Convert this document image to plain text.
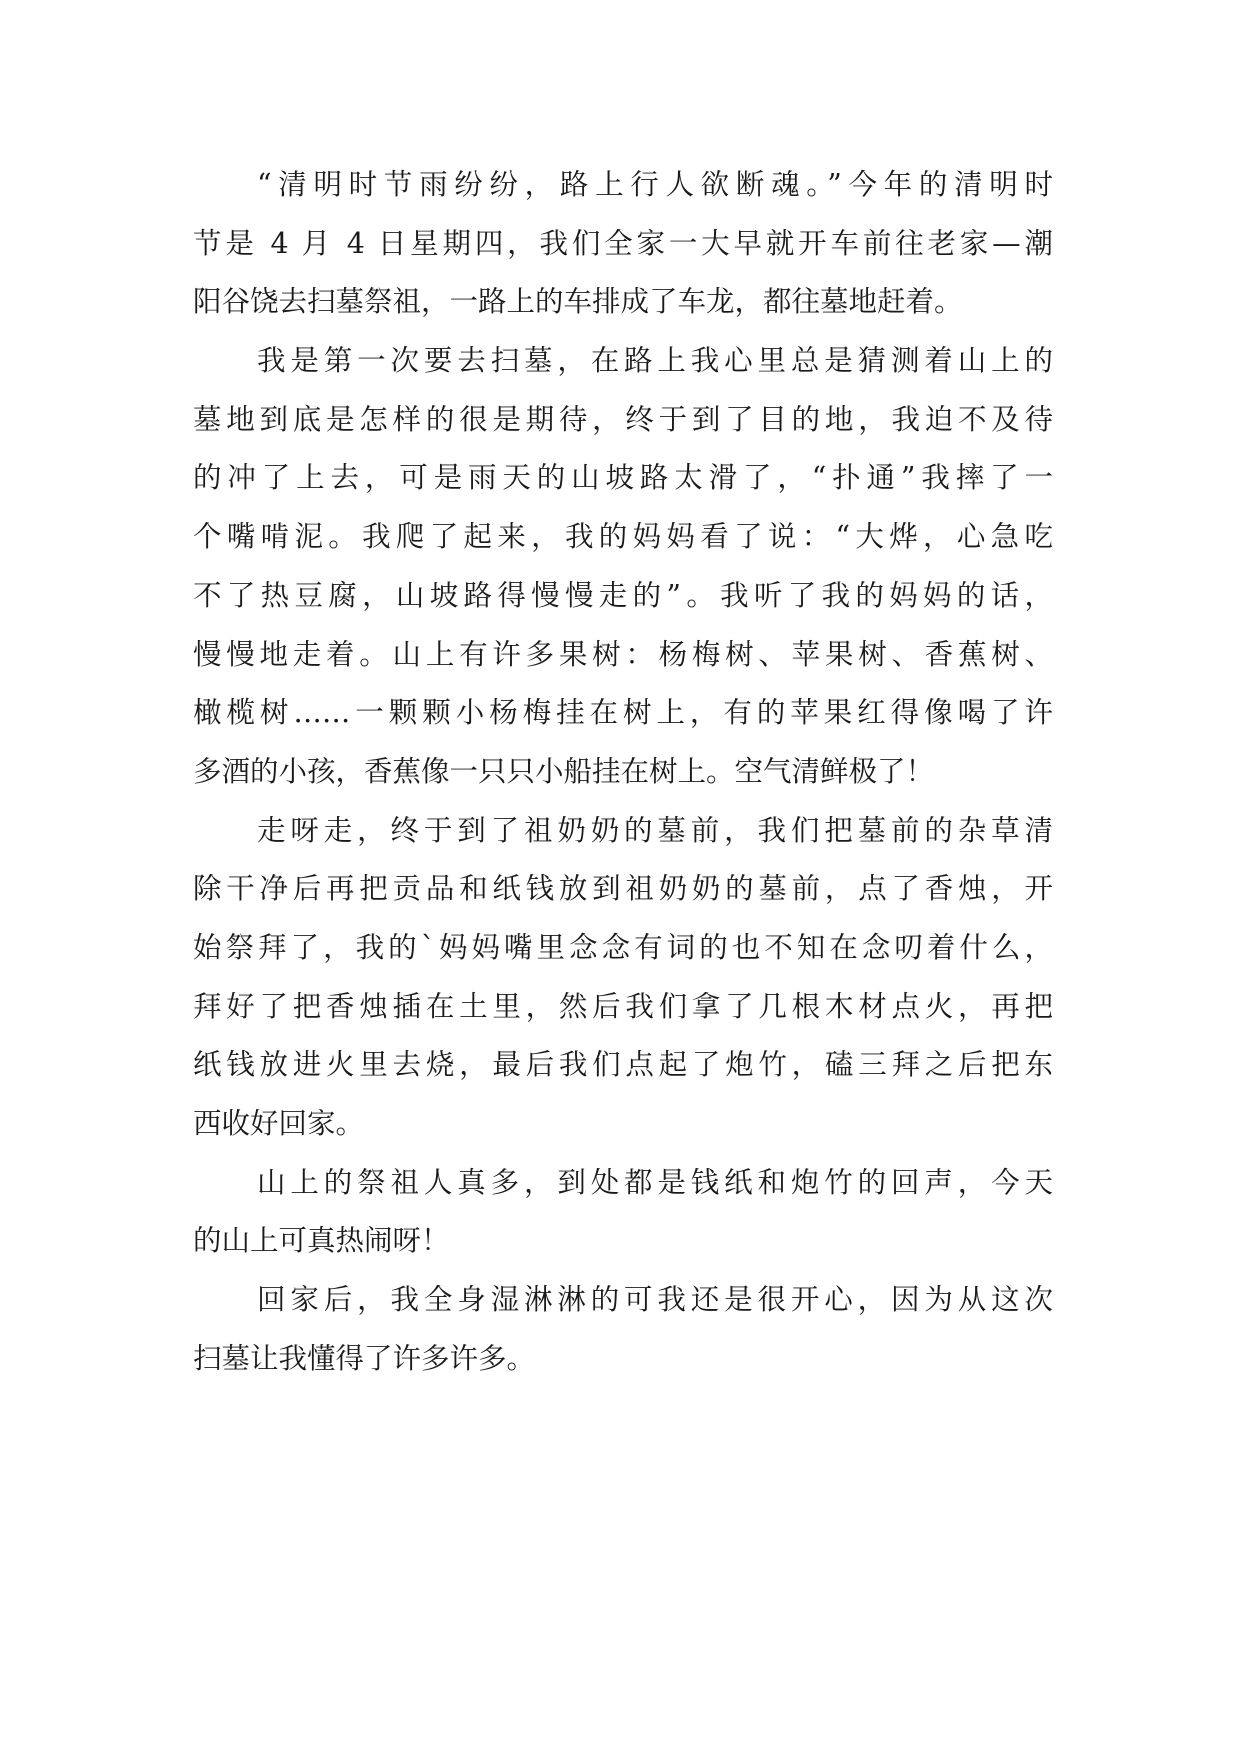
“清明时节雨纷纷，路上行人欲断魂。”今年的清明时
节是 4 月 4 日星期四，我们全家一大早就开车前往老家—潮
阳谷饶去扫墓祭祖，一路上的车排成了车龙，都往墓地赶着。
我是第一次要去扫墓，在路上我心里总是猜测着山上的
墓地到底是怎样的很是期待，终于到了目的地，我迫不及待
的冲了上去，可是雨天的山坡路太滑了，“扑通”我摔了一
个嘴啃泥。我爬了起来，我的妈妈看了说：“大烨，心急吃
不了热豆腐，山坡路得慢慢走的”。我听了我的妈妈的话，
慢慢地走着。山上有许多果树：杨梅树、苹果树、香蕉树、
橄榄树……一颗颗小杨梅挂在树上，有的苹果红得像喝了许
多酒的小孩，香蕉像一只只小船挂在树上。空气清鲜极了！
走呀走，终于到了祖奶奶的墓前，我们把墓前的杂草清
除干净后再把贡品和纸钱放到祖奶奶的墓前，点了香烛，开
始祭拜了，我的`妈妈嘴里念念有词的也不知在念叨着什么，
拜好了把香烛插在土里，然后我们拿了几根木材点火，再把
纸钱放进火里去烧，最后我们点起了炮竹，磕三拜之后把东
西收好回家。
山上的祭祖人真多，到处都是钱纸和炮竹的回声，今天
的山上可真热闹呀！
回家后，我全身湿淋淋的可我还是很开心，因为从这次
扫墓让我懂得了许多许多。
